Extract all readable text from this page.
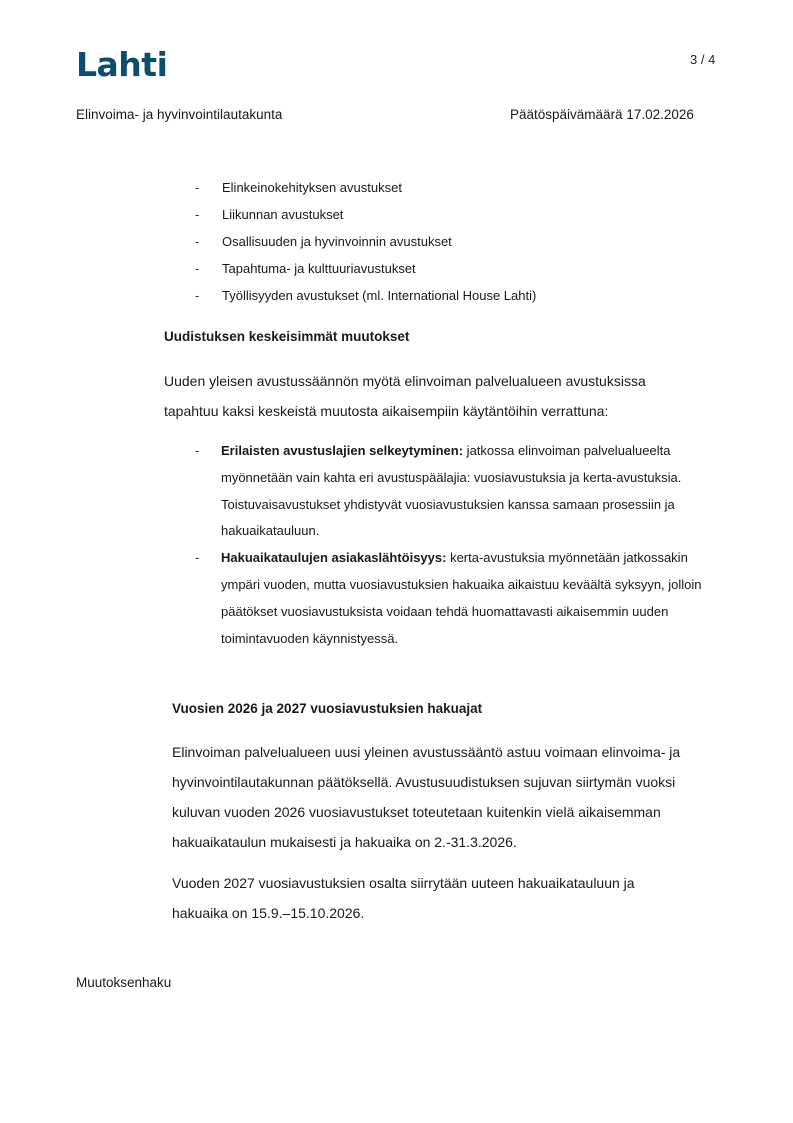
Lahti	3 / 4
Elinvoima- ja hyvinvointilautakunta	Päätöspäivämäärä 17.02.2026
-	Elinkeinokehityksen avustukset
-	Liikunnan avustukset
-	Osallisuuden ja hyvinvoinnin avustukset
-	Tapahtuma- ja kulttuuriavustukset
-	Työllisyyden avustukset (ml. International House Lahti)
Uudistuksen keskeisimmät muutokset
Uuden yleisen avustussäännön myötä elinvoiman palvelualueen avustuksissa tapahtuu kaksi keskeistä muutosta aikaisempiin käytäntöihin verrattuna:
-	Erilaisten avustuslajien selkeytyminen: jatkossa elinvoiman palvelualueelta myönnetään vain kahta eri avustuspäälajia: vuosiavustuksia ja kerta-avustuksia. Toistuvaisavustukset yhdistyvät vuosiavustuksien kanssa samaan prosessiin ja hakuaikatauluun.
-	Hakuaikataulujen asiakaslähtöisyys: kerta-avustuksia myönnetään jatkossakin ympäri vuoden, mutta vuosiavustuksien hakuaika aikaistuu keväältä syksyyn, jolloin päätökset vuosiavustuksista voidaan tehdä huomattavasti aikaisemmin uuden toimintavuoden käynnistyessä.
Vuosien 2026 ja 2027 vuosiavustuksien hakuajat
Elinvoiman palvelualueen uusi yleinen avustussääntö astuu voimaan elinvoima- ja hyvinvointilautakunnan päätöksellä. Avustusuudistuksen sujuvan siirtymän vuoksi kuluvan vuoden 2026 vuosiavustukset toteutetaan kuitenkin vielä aikaisemman hakuaikataulun mukaisesti ja hakuaika on 2.-31.3.2026.
Vuoden 2027 vuosiavustuksien osalta siirrytään uuteen hakuaikatauluun ja hakuaika on 15.9.–15.10.2026.
Muutoksenhaku
